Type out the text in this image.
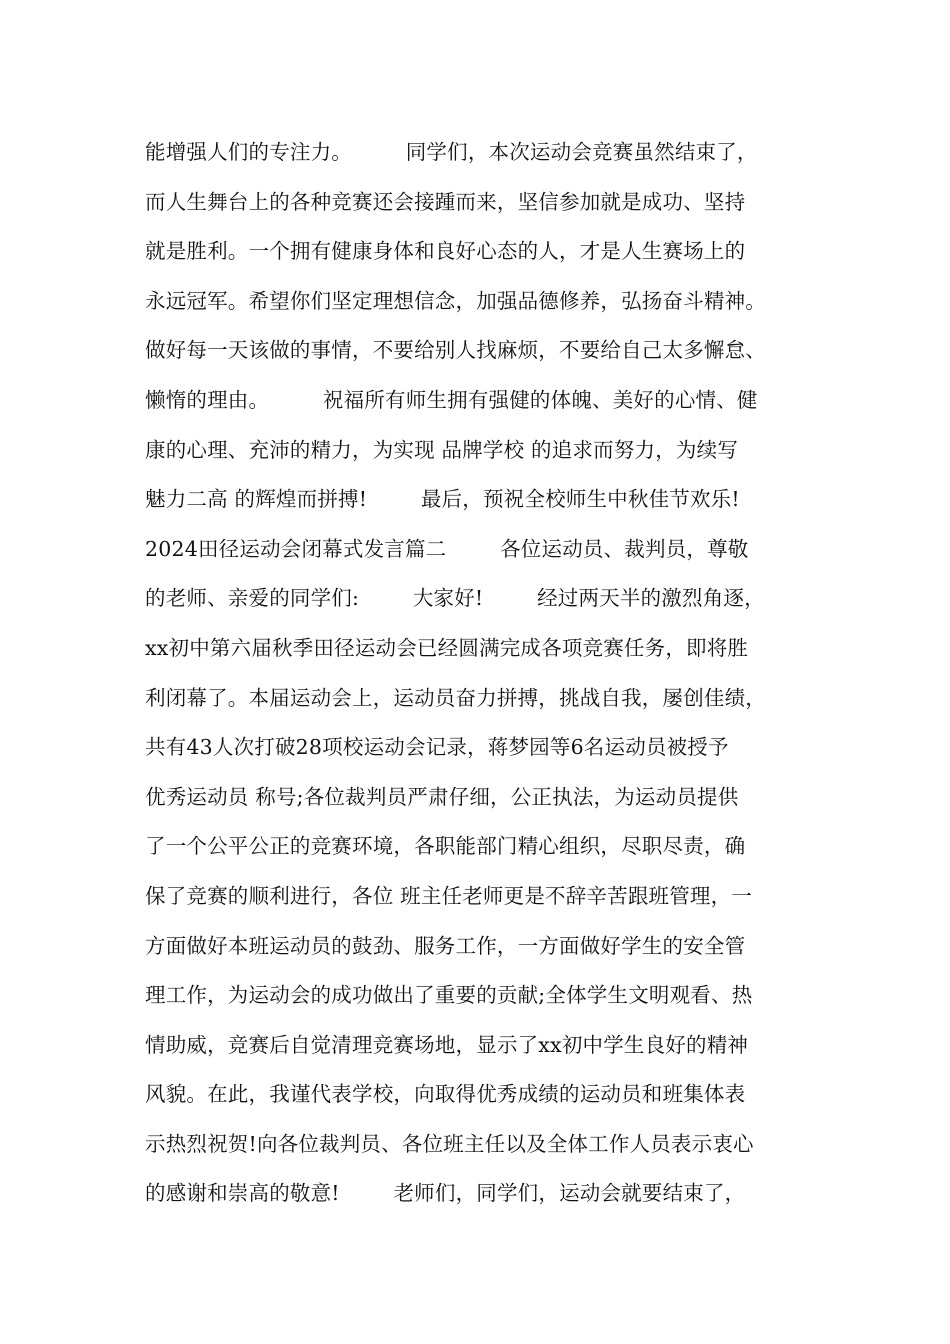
能增强人们的专注力。        同学们，本次运动会竞赛虽然结束了，
而人生舞台上的各种竞赛还会接踵而来，坚信参加就是成功、坚持
就是胜利。一个拥有健康身体和良好心态的人，才是人生赛场上的
永远冠军。希望你们坚定理想信念，加强品德修养，弘扬奋斗精神。
做好每一天该做的事情，不要给别人找麻烦，不要给自己太多懈怠、
懒惰的理由。        祝福所有师生拥有强健的体魄、美好的心情、健
康的心理、充沛的精力，为实现 品牌学校 的追求而努力，为续写
魅力二高 的辉煌而拼搏!        最后，预祝全校师生中秋佳节欢乐!
2024田径运动会闭幕式发言篇二        各位运动员、裁判员，尊敬
的老师、亲爱的同学们:        大家好!        经过两天半的激烈角逐，
xx初中第六届秋季田径运动会已经圆满完成各项竞赛任务，即将胜
利闭幕了。本届运动会上，运动员奋力拼搏，挑战自我，屡创佳绩，
共有43人次打破28项校运动会记录，蒋梦园等6名运动员被授予
优秀运动员 称号;各位裁判员严肃仔细，公正执法，为运动员提供
了一个公平公正的竞赛环境，各职能部门精心组织，尽职尽责，确
保了竞赛的顺利进行，各位 班主任老师更是不辞辛苦跟班管理，一
方面做好本班运动员的鼓劲、服务工作，一方面做好学生的安全管
理工作，为运动会的成功做出了重要的贡献;全体学生文明观看、热
情助威，竞赛后自觉清理竞赛场地，显示了xx初中学生良好的精神
风貌。在此，我谨代表学校，向取得优秀成绩的运动员和班集体表
示热烈祝贺!向各位裁判员、各位班主任以及全体工作人员表示衷心
的感谢和崇高的敬意!        老师们，同学们，运动会就要结束了，
